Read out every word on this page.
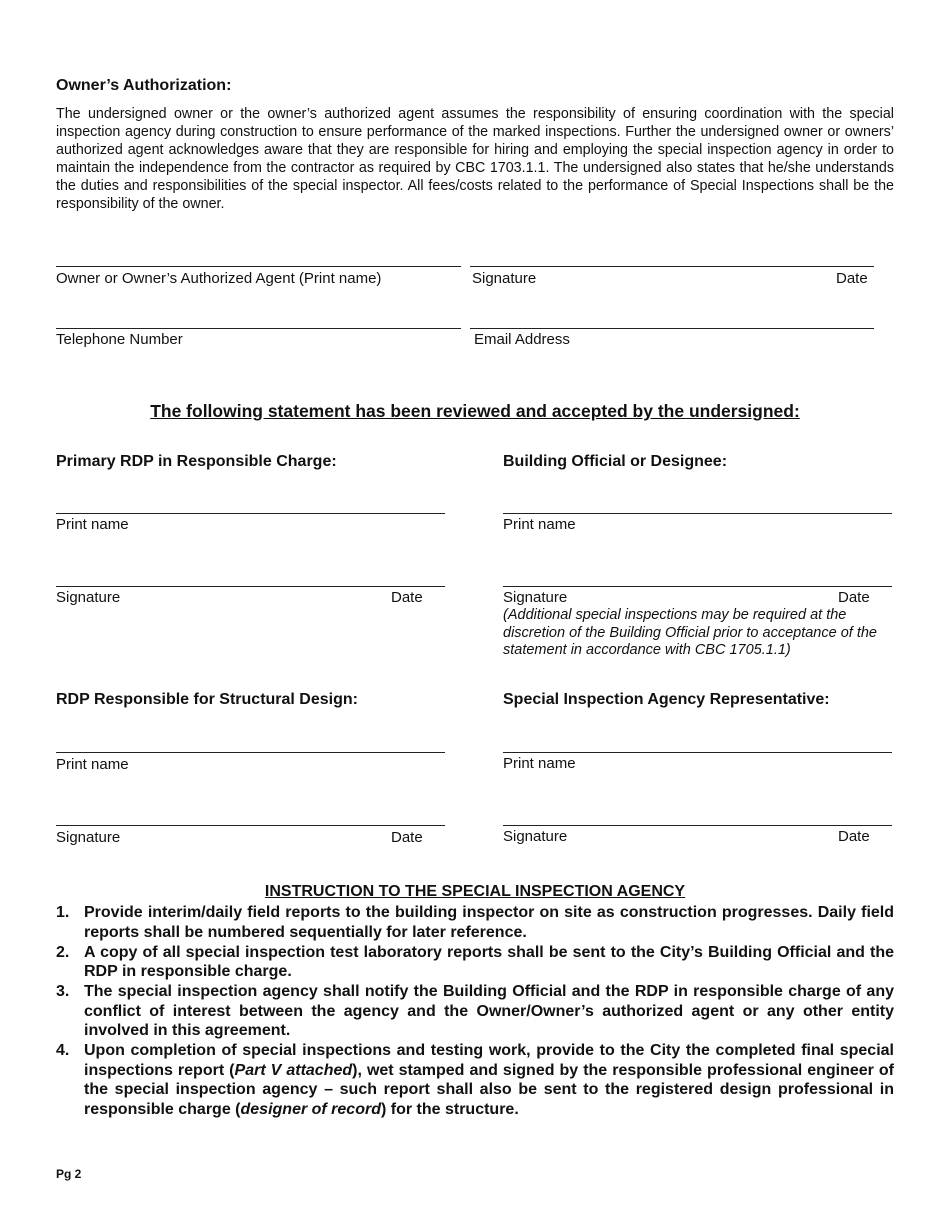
Owner’s Authorization:
The undersigned owner or the owner’s authorized agent assumes the responsibility of ensuring coordination with the special inspection agency during construction to ensure performance of the marked inspections. Further the undersigned owner or owners’ authorized agent acknowledges aware that they are responsible for hiring and employing the special inspection agency in order to maintain the independence from the contractor as required by CBC 1703.1.1. The undersigned also states that he/she understands the duties and responsibilities of the special inspector. All fees/costs related to the performance of Special Inspections shall be the responsibility of the owner.
Owner or Owner’s Authorized Agent (Print name)	Signature	Date
Telephone Number	Email Address
The following statement has been reviewed and accepted by the undersigned:
Primary RDP in Responsible Charge:
Print name
Signature	Date
Building Official or Designee:
Print name
Signature	Date
(Additional special inspections may be required at the discretion of the Building Official prior to acceptance of the statement in accordance with CBC 1705.1.1)
RDP Responsible for Structural Design:
Print name
Signature	Date
Special Inspection Agency Representative:
Print name
Signature	Date
INSTRUCTION TO THE SPECIAL INSPECTION AGENCY
1. Provide interim/daily field reports to the building inspector on site as construction progresses. Daily field reports shall be numbered sequentially for later reference.
2. A copy of all special inspection test laboratory reports shall be sent to the City’s Building Official and the RDP in responsible charge.
3. The special inspection agency shall notify the Building Official and the RDP in responsible charge of any conflict of interest between the agency and the Owner/Owner’s authorized agent or any other entity involved in this agreement.
4. Upon completion of special inspections and testing work, provide to the City the completed final special inspections report (Part V attached), wet stamped and signed by the responsible professional engineer of the special inspection agency – such report shall also be sent to the registered design professional in responsible charge (designer of record) for the structure.
Pg 2
